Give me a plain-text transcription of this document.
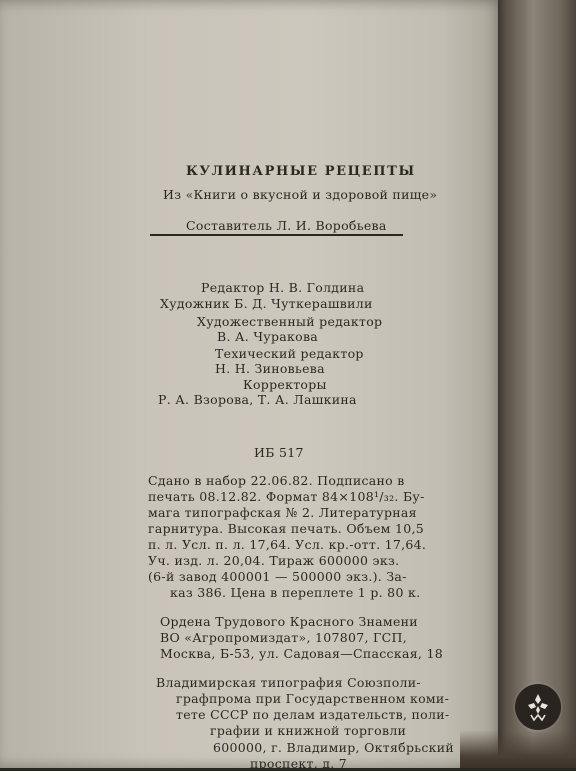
КУЛИНАРНЫЕ РЕЦЕПТЫ
Из «Книги о вкусной и здоровой пище»
Составитель Л. И. Воробьева
Редактор Н. В. Голдина
Художник Б. Д. Чуткерашвили
Художественный редактор
В. А. Чуракова
Техический редактор
Н. Н. Зиновьева
Корректоры
Р. А. Взорова, Т. А. Лашкина
ИБ 517
Сдано в набор 22.06.82. Подписано в
печать 08.12.82. Формат 84×108¹/₃₂. Бу-
мага типографская № 2. Литературная
гарнитура. Высокая печать. Объем 10,5
п. л. Усл. п. л. 17,64. Усл. кр.-отт. 17,64.
Уч. изд. л. 20,04. Тираж 600000 экз.
(6-й завод 400001 — 500000 экз.). За-
каз 386. Цена в переплете 1 р. 80 к.
Ордена Трудового Красного Знамени
ВО «Агропромиздат», 107807, ГСП,
Москва, Б-53, ул. Садовая—Спасская, 18
Владимирская типография Союзполи-
графпрома при Государственном коми-
тете СССР по делам издательств, поли-
графии и книжной торговли
600000, г. Владимир, Октябрьский
проспект, д. 7
